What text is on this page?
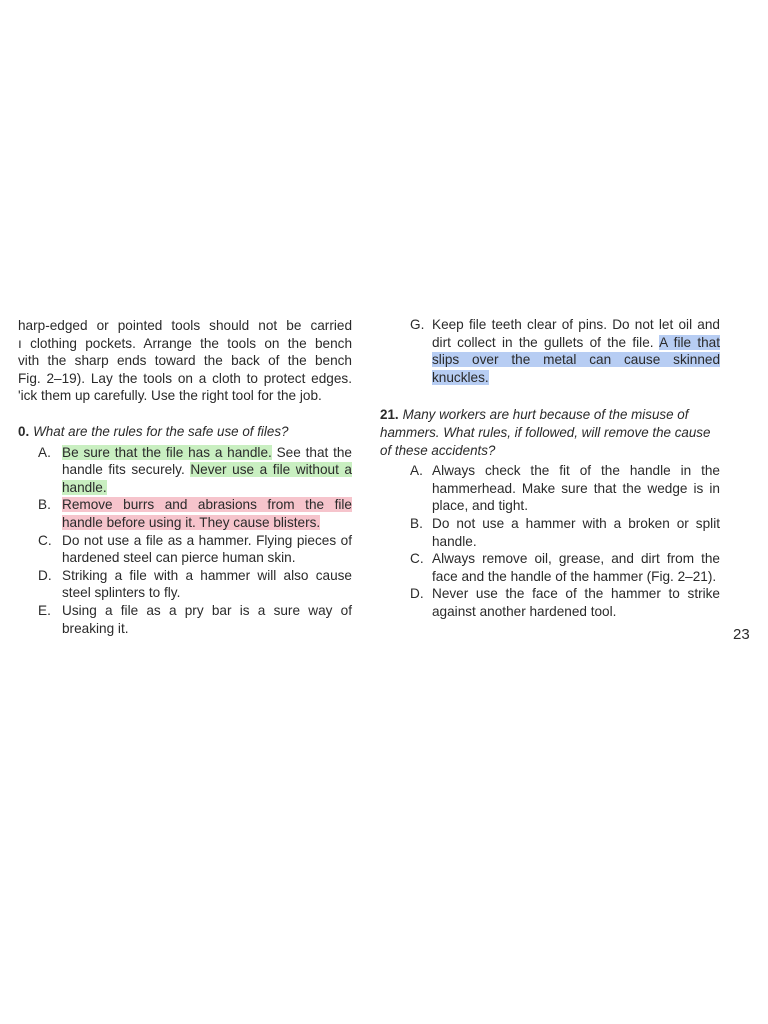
harp-edged or pointed tools should not be carried
ı clothing pockets. Arrange the tools on the bench
vith the sharp ends toward the back of the bench
Fig. 2–19). Lay the tools on a cloth to protect edges.
'ick them up carefully. Use the right tool for the job.
0. What are the rules for the safe use of files?
A. Be sure that the file has a handle. See that the handle fits securely. Never use a file without a handle.
B. Remove burrs and abrasions from the file handle before using it. They cause blisters.
C. Do not use a file as a hammer. Flying pieces of hardened steel can pierce human skin.
D. Striking a file with a hammer will also cause steel splinters to fly.
E. Using a file as a pry bar is a sure way of breaking it.
G. Keep file teeth clear of pins. Do not let oil and dirt collect in the gullets of the file. A file that slips over the metal can cause skinned knuckles.
21. Many workers are hurt because of the misuse of hammers. What rules, if followed, will remove the cause of these accidents?
A. Always check the fit of the handle in the hammerhead. Make sure that the wedge is in place, and tight.
B. Do not use a hammer with a broken or split handle.
C. Always remove oil, grease, and dirt from the face and the handle of the hammer (Fig. 2–21).
D. Never use the face of the hammer to strike against another hardened tool.
23
